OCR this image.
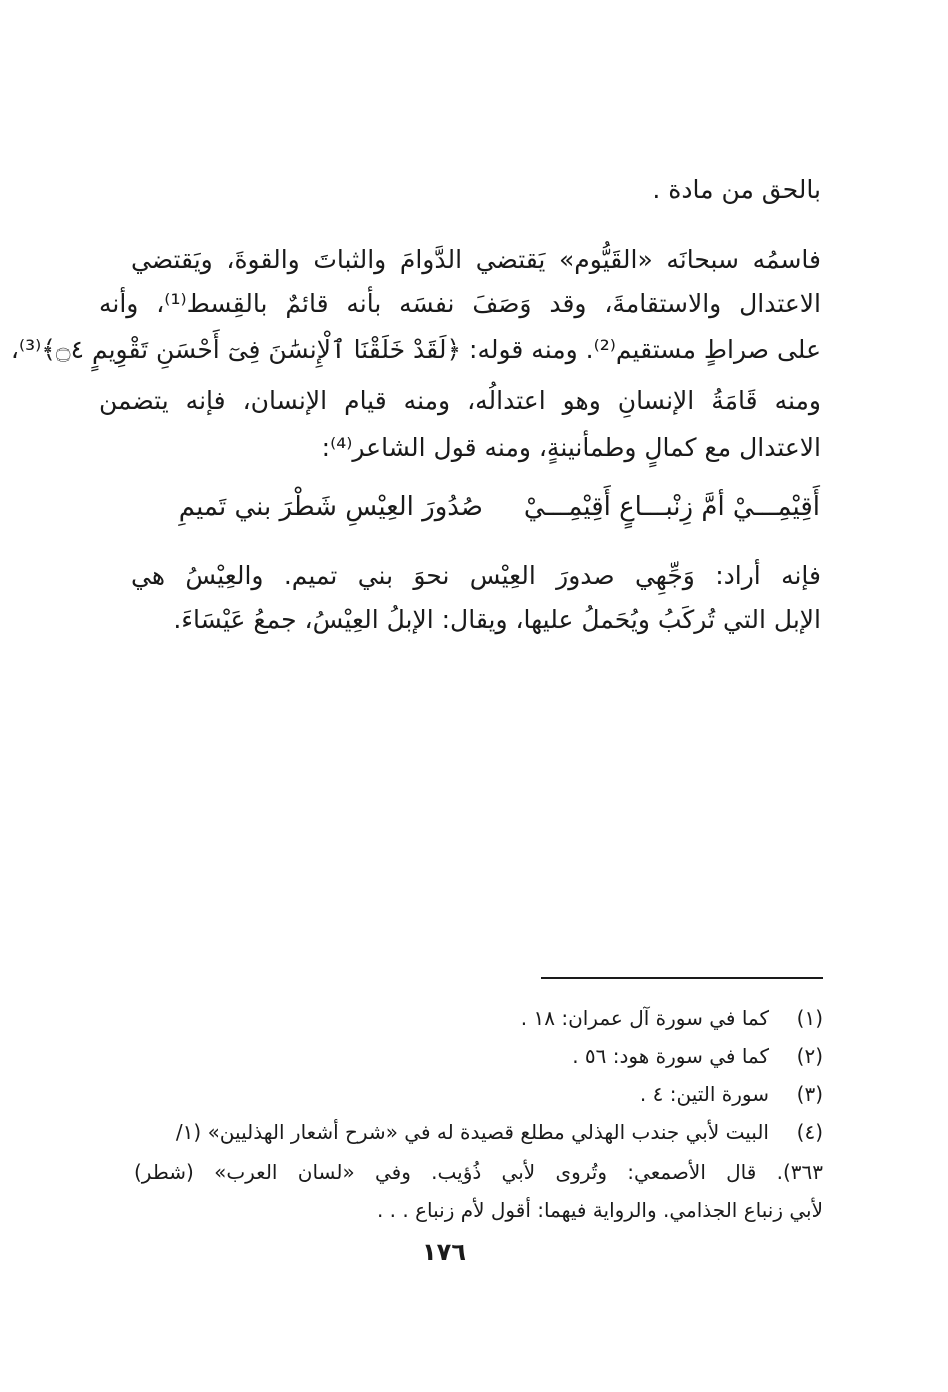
بالحق من مادة .
فاسمُه سبحانَه «القَيُّوم» يَقتضي الدَّوامَ والثباتَ والقوةَ، ويَقتضي
الاعتدال والاستقامةَ، وقد وَصَفَ نفسَه بأنه قائمٌ بالقِسط⁽¹⁾، وأنه
على صراطٍ مستقيم⁽²⁾. ومنه قوله: ﴿لَقَدْ خَلَقْنَا ٱلْإِنسَٰنَ فِىٓ أَحْسَنِ تَقْوِيمٍ ۝٤﴾⁽³⁾،
ومنه قَامَةُ الإنسانِ وهو اعتدالُه، ومنه قيام الإنسان، فإنه يتضمن
الاعتدال مع كمالٍ وطمأنينةٍ، ومنه قول الشاعر⁽⁴⁾:
أَقِيْمِـــيْ أمَّ زِنْبـــاعٍ أَقِيْمِـــيْ
صُدُورَ العِيْسِ شَطْرَ بني تَميمِ
فإنه أراد: وَجِّهِي صدورَ العِيْس نحوَ بني تميم. والعِيْسُ هي
الإبل التي تُركَبُ ويُحَملُ عليها، ويقال: الإبلُ العِيْسُ، جمعُ عَيْسَاءَ.
(١)كما في سورة آل عمران: ١٨ .
(٢)كما في سورة هود: ٥٦ .
(٣)سورة التين: ٤ .
(٤)البيت لأبي جندب الهذلي مطلع قصيدة له في «شرح أشعار الهذليين» (١/
٣٦٣). قال الأصمعي: وتُروى لأبي ذُؤيب. وفي «لسان العرب» (شطر)
لأبي زنباع الجذامي. والرواية فيهما: أقول لأم زنباع . . .
١٧٦
